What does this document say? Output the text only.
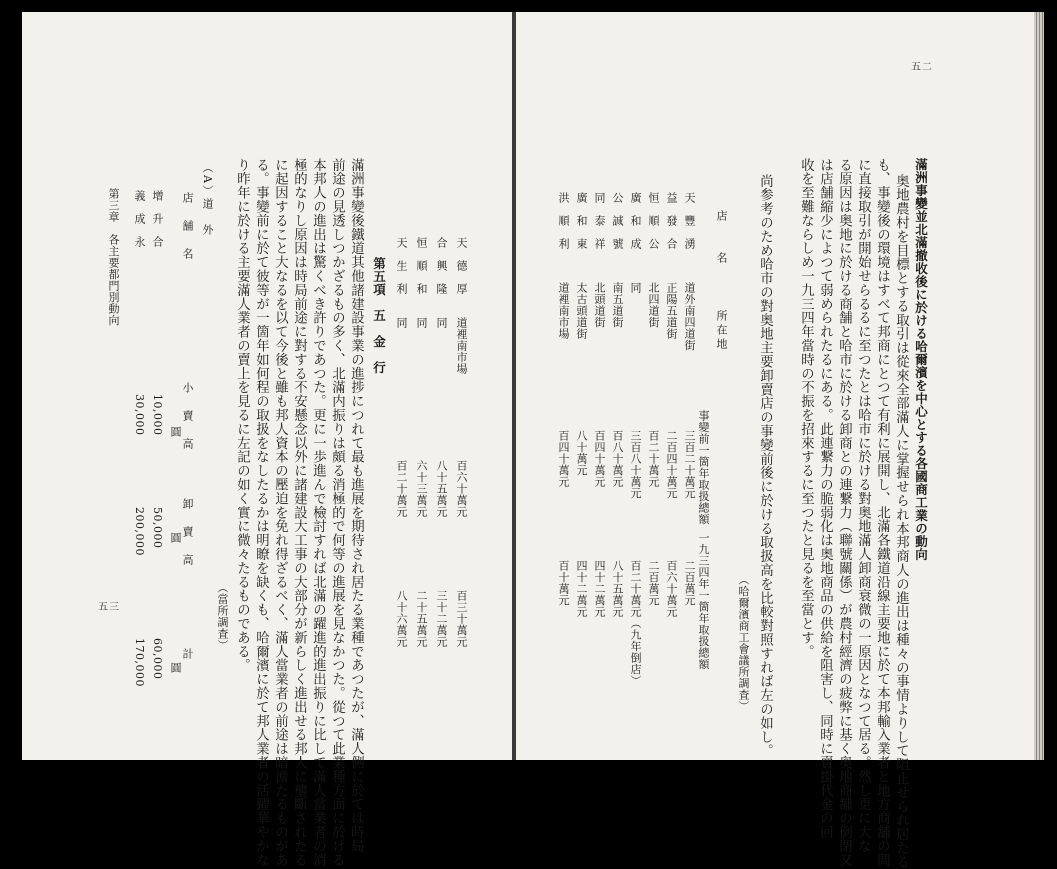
五二
滿洲事變並北滿撤收後に於ける哈爾濱を中心とする各國商工業の動向
奥地農村を目標とする取引は從來全部滿人に掌握せられ本邦商人の進出は種々の事情よりして阻止せられ居たる
も、事變後の環境はすべて邦商にとつて有利に展開し、北滿各鐵道沿線主要地に於て本邦輸入業者と地方商舗の間
に直接取引が開始せらるるに至つたとは哈市に於ける對奥地滿人卸商衰微の一原因となつて居る。然し更に大な
る原因は奥地に於ける商舗と哈市に於ける卸商との連繋力（聯號關係）が農村經濟の疲弊に基く奥地商舗の倒閉又
は店舗縮少によつて弱められたるにある。此連繋力の脆弱化は奥地商品の供給を阻害し、同時に賣掛代金の回
收を至難ならしめ一九三四年當時の不振を招來するに至つたと見るを至當とす。
尚参考のため哈市の對奥地主要卸賣店の事變前後に於ける取扱高を比較對照すれば左の如し。
（哈爾濱商工會議所調査）
店　　名
所在地
事變前一箇年取扱總額
一九三四年一箇年取扱總額
天　豐　湧
道外南四道街
三百二十萬元
二百萬元
益　發　合
正陽五道街
二百四十萬元
百六十萬元
恒　順　公
北四道街
百二十萬元
二百萬元
廣　和　成
同
三百八十萬元
百二十萬元（九年倒店）
公　誠　號
南五道街
百八十萬元
八十五萬元
同　泰　祥
北頭道街
百四十萬元
四十二萬元
廣　和　東
太古頭道街
八十萬元
四十二萬元
洪　順　利
道裡南市場
百四十萬元
百十萬元
天　德　厚
道裡南市場
百六十萬元
百三十萬元
合　興　隆
同
八十五萬元
三十二萬元
恒　順　和
同
六十三萬元
二十五萬元
天　生　利
同
百二十萬元
八十六萬元
第五項　五　金　行
滿洲事變後鐵道其他諸建設事業の進捗につれて最も進展を期待され居たる業種であつたが、滿人側に於ては時局
前途の見透しつかざるもの多く、北滿内振りは頗る消極的で何等の進展を見なかつた。從つて此業種方面に於ける
本邦人の進出は驚くべき許りであつた。更に一歩進んで檢討すれば北滿の躍進的進出振りに比して滿人當業者の消
極的なりし原因は時局前途に對する不安懸念以外に諸建設大工事の大部分が新らしく進出せる邦人に壟斷されたる
に起因すること大なるを以て今後と雖も邦人資本の壓迫を免れ得ざるべく、滿人當業者の前途は暗澹たるものがあ
る。事變前に於て彼等が一箇年如何程の取扱をなしたるかは明瞭を缺くも、哈爾濱に於て邦人業者の活躍華やかな
り昨年に於ける主要滿人業者の賣上を見るに左記の如く實に微々たるものである。
（當所調査）
（A）道　外
店　舗　名
小　賣　高
卸　賣　高
計
圓
圓
圓
增　升　合
10,000
50,000
60,000
義　成　永
30,000
200,000
170,000
第三章　各主要都門別動向
五三
